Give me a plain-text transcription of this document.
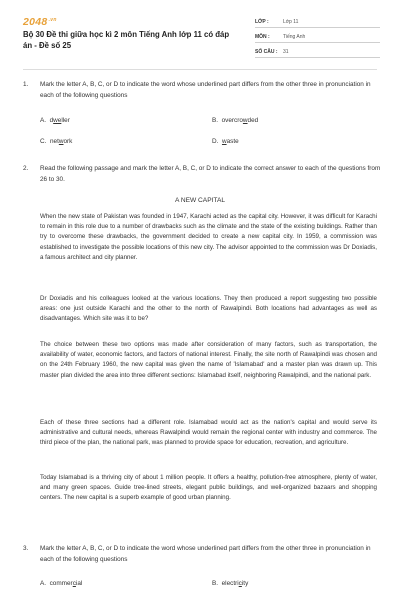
$2048^{.vn}$
Bộ 30 Đề thi giữa học kì 2 môn Tiếng Anh lớp 11 có đáp án - Đề số 25
LỚP :	Lớp 11
MÔN :	Tiếng Anh
SỐ CÂU :	31
1. Mark the letter A, B, C, or D to indicate the word whose underlined part differs from the other three in pronunciation in each of the following questions
A. dweller	B. overcrowded
C. network	D. waste
2. Read the following passage and mark the letter A, B, C, or D to indicate the correct answer to each of the questions from 26 to 30.
A NEW CAPITAL
When the new state of Pakistan was founded in 1947, Karachi acted as the capital city. However, it was difficult for Karachi to remain in this role due to a number of drawbacks such as the climate and the state of the existing buildings. Rather than try to overcome these drawbacks, the government decided to create a new capital city. In 1959, a commission was established to investigate the possible locations of this new city. The advisor appointed to the commission was Dr Doxiadis, a famous architect and city planner.
Dr Doxiadis and his colleagues looked at the various locations. They then produced a report suggesting two possible areas: one just outside Karachi and the other to the north of Rawalpindi. Both locations had advantages as well as disadvantages. Which site was it to be?
The choice between these two options was made after consideration of many factors, such as transportation, the availability of water, economic factors, and factors of national interest. Finally, the site north of Rawalpindi was chosen and on the 24th February 1960, the new capital was given the name of 'Islamabad' and a master plan was drawn up. This master plan divided the area into three different sections: Islamabad itself, neighboring Rawalpindi, and the national park.
Each of these three sections had a different role. Islamabad would act as the nation's capital and would serve its administrative and cultural needs, whereas Rawalpindi would remain the regional center with industry and commerce. The third piece of the plan, the national park, was planned to provide space for education, recreation, and agriculture.
Today Islamabad is a thriving city of about 1 million people. It offers a healthy, pollution-free atmosphere, plenty of water, and many green spaces. Guide tree-lined streets, elegant public buildings, and well-organized bazaars and shopping centers. The new capital is a superb example of good urban planning.
3. Mark the letter A, B, C, or D to indicate the word whose underlined part differs from the other three in pronunciation in each of the following questions
A. commercial	B. electricity
